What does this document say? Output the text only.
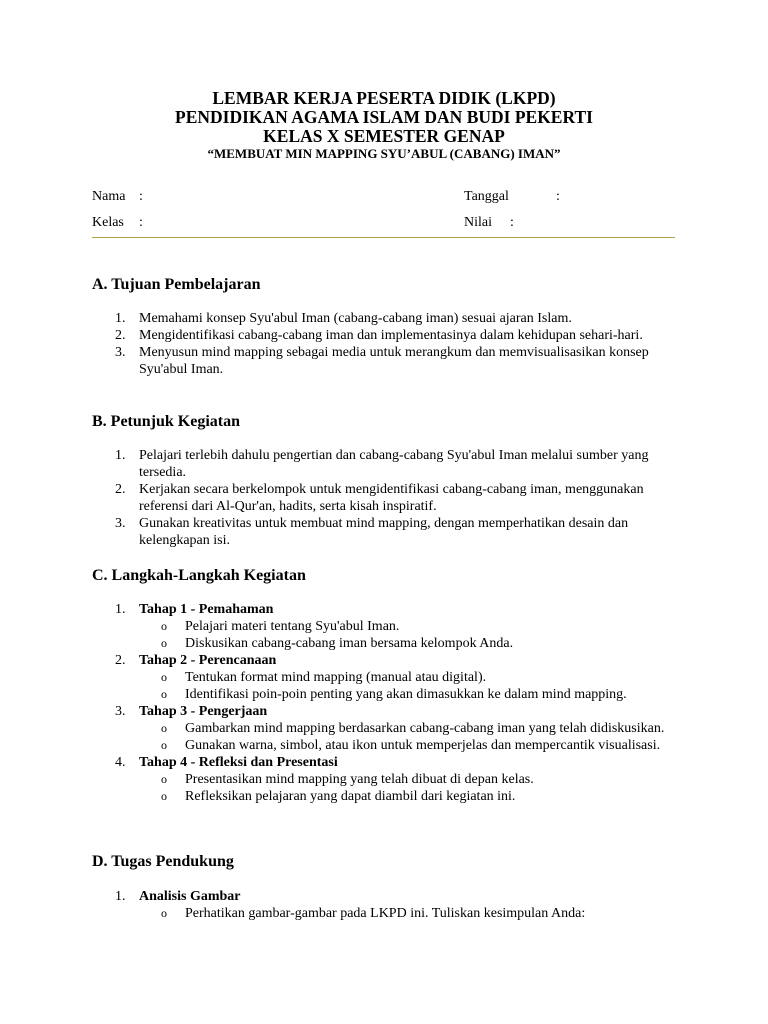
LEMBAR KERJA PESERTA DIDIK (LKPD)
PENDIDIKAN AGAMA ISLAM DAN BUDI PEKERTI
KELAS X SEMESTER GENAP
“MEMBUAT MIN MAPPING SYU’ABUL (CABANG) IMAN”
Nama :	Tanggal	:
Kelas :	Nilai :
A. Tujuan Pembelajaran
1. Memahami konsep Syu'abul Iman (cabang-cabang iman) sesuai ajaran Islam.
2. Mengidentifikasi cabang-cabang iman dan implementasinya dalam kehidupan sehari-hari.
3. Menyusun mind mapping sebagai media untuk merangkum dan memvisualisasikan konsep Syu'abul Iman.
B. Petunjuk Kegiatan
1. Pelajari terlebih dahulu pengertian dan cabang-cabang Syu'abul Iman melalui sumber yang tersedia.
2. Kerjakan secara berkelompok untuk mengidentifikasi cabang-cabang iman, menggunakan referensi dari Al-Qur'an, hadits, serta kisah inspiratif.
3. Gunakan kreativitas untuk membuat mind mapping, dengan memperhatikan desain dan kelengkapan isi.
C. Langkah-Langkah Kegiatan
1. Tahap 1 - Pemahaman
o Pelajari materi tentang Syu'abul Iman.
o Diskusikan cabang-cabang iman bersama kelompok Anda.
2. Tahap 2 - Perencanaan
o Tentukan format mind mapping (manual atau digital).
o Identifikasi poin-poin penting yang akan dimasukkan ke dalam mind mapping.
3. Tahap 3 - Pengerjaan
o Gambarkan mind mapping berdasarkan cabang-cabang iman yang telah didiskusikan.
o Gunakan warna, simbol, atau ikon untuk memperjelas dan mempercantik visualisasi.
4. Tahap 4 - Refleksi dan Presentasi
o Presentasikan mind mapping yang telah dibuat di depan kelas.
o Refleksikan pelajaran yang dapat diambil dari kegiatan ini.
D. Tugas Pendukung
1. Analisis Gambar
o Perhatikan gambar-gambar pada LKPD ini. Tuliskan kesimpulan Anda:
